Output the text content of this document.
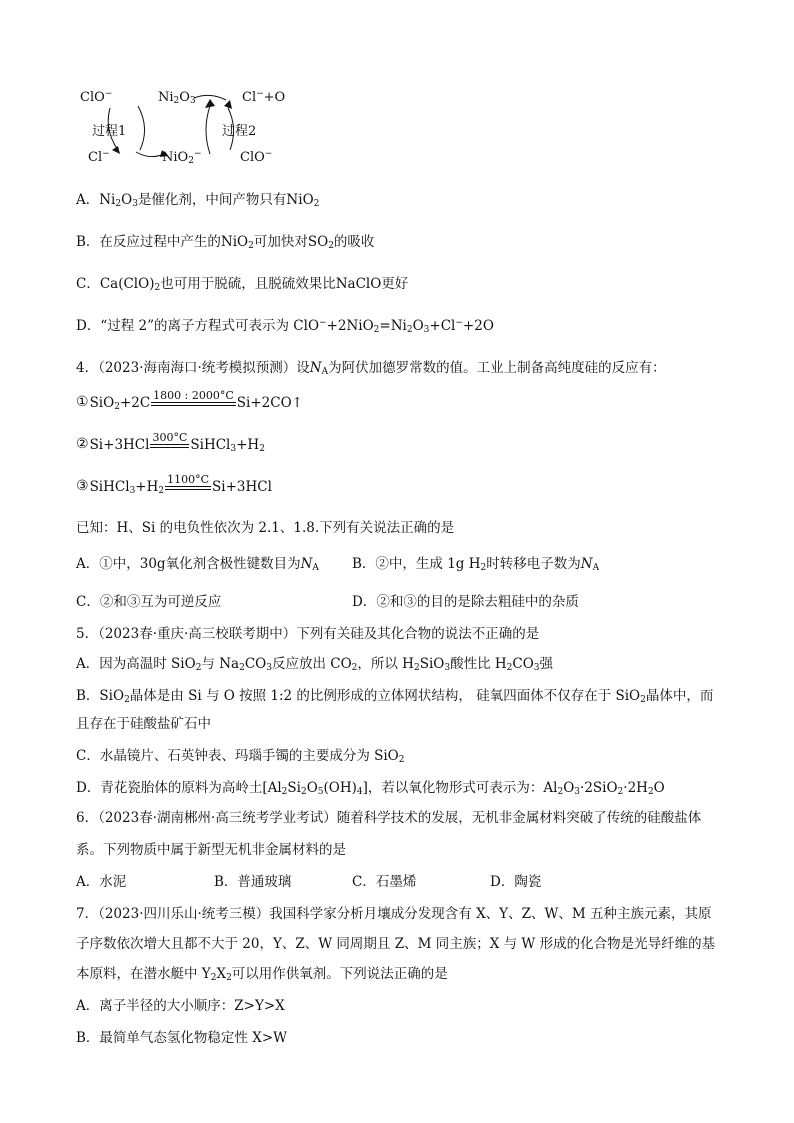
ClO−	$Ni_2O_3$	Cl−+O
过程1	过程2
Cl−	NiO$_2$−	ClO−
A．$Ni_2O_3$是催化剂，中间产物只有NiO$_2$
B．在反应过程中产生的NiO$_2$可加快对$SO_2$的吸收
C．$Ca(ClO)_2$也可用于脱硫，且脱硫效果比NaClO更好
D．“过程 2”的离子方程式可表示为 $ClO^-+2NiO_2=Ni_2O_3+Cl^-+2O$
4．（2023·海南海口·统考模拟预测）设$N_A$为阿伏加德罗常数的值。工业上制备高纯度硅的反应有：
①SiO$_2$+2C 1800 : 2000°C Si+2CO↑
②Si+3HCl 300°C $SiHCl_3+H_2$
$③SiHCl_3+H_2$
1100°C Si+3HCl
已知：H、Si 的电负性依次为 2.1、1.8.下列有关说法正确的是
A．①中，30g氧化剂含极性键数目为$N_A$ B．②中，生成 1g $H_2$时转移电子数为$N_A$
C．②和③互为可逆反应	D．②和③的目的是除去粗硅中的杂质
5．（2023春·重庆·高三校联考期中）下列有关硅及其化合物的说法不正确的是
A．因为高温时 SiO$_2$与 $Na_2CO_3$反应放出 $CO_2$，所以 $H_2SiO_3$酸性比 $H_2CO_3$强
B．SiO$_2$晶体是由 Si 与 O 按照 1:2 的比例形成的立体网状结构， 硅氧四面体不仅存在于 SiO$_2$晶体中，而
且存在于硅酸盐矿石中
C．水晶镜片、石英钟表、玛瑙手镯的主要成分为 SiO$_2$
D．青花瓷胎体的原料为高岭土$[Al_2Si_2O_5(OH)_4]$，若以氧化物形式可表示为：$Al_2O_3\cdot 2SiO_2\cdot 2H_2O$
6．（2023春·湖南郴州·高三统考学业考试）随着科学技术的发展，无机非金属材料突破了传统的硅酸盐体
系。下列物质中属于新型无机非金属材料的是
A．水泥	B．普通玻璃	C．石墨烯	D．陶瓷
7．（2023·四川乐山·统考三模）我国科学家分析月壤成分发现含有 X、Y、Z、W、M 五种主族元素，其原
子序数依次增大且都不大于 20，Y、Z、W 同周期且 Z、M 同主族；X 与 W 形成的化合物是光导纤维的基
本原料，在潜水艇中 $Y_2X_2$可以用作供氧剂。下列说法正确的是
A．离子半径的大小顺序：Z>Y>X
B．最简单气态氢化物稳定性 X>W
